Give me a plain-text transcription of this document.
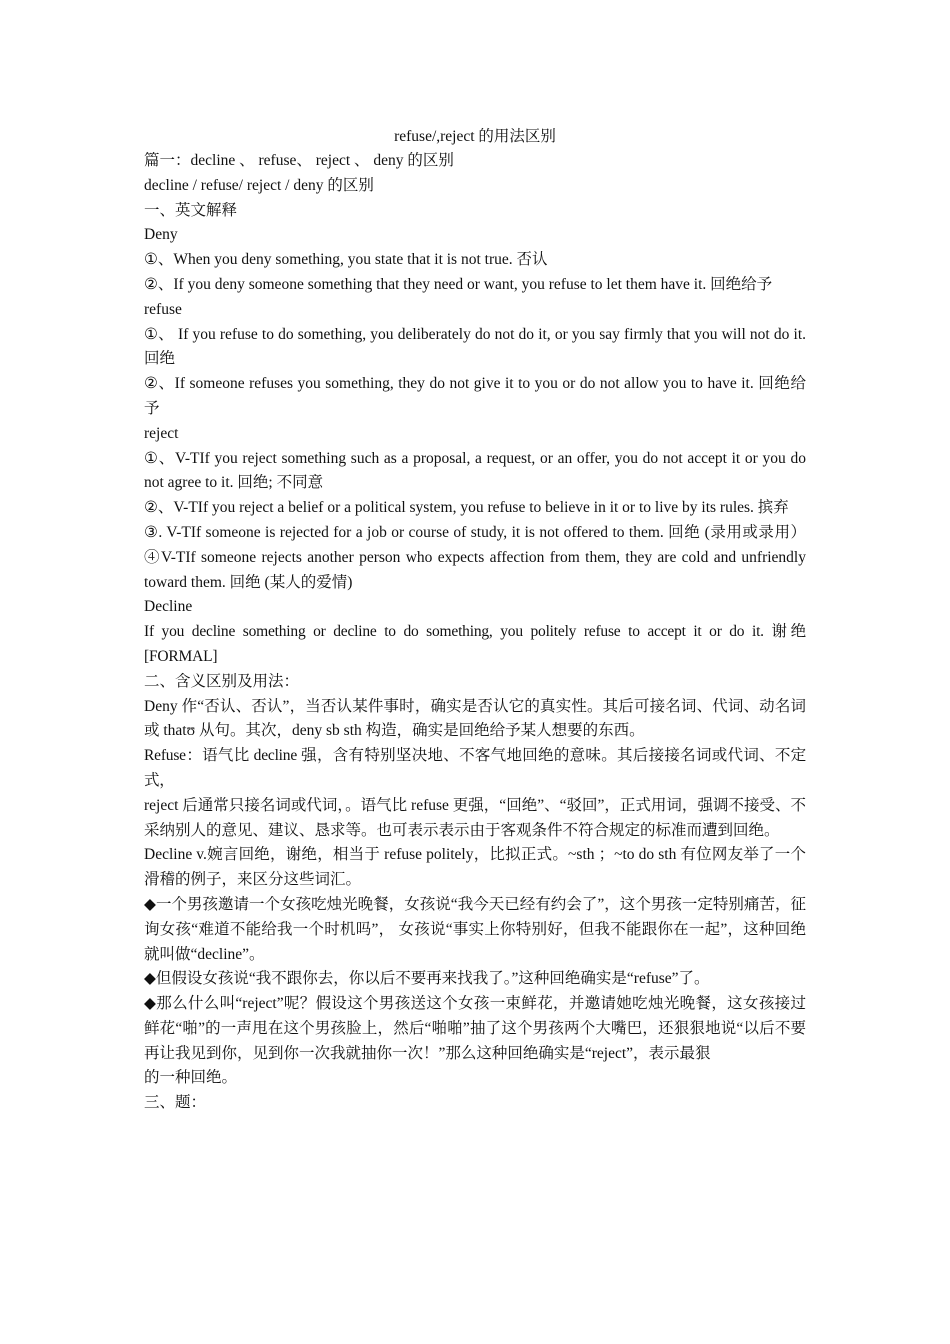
refuse/,reject 的用法区别

篇一：decline 、 refuse、 reject 、 deny 的区别

decline / refuse/ reject / deny 的区别

一、英文解释

Deny

①、When you deny something, you state that it is not true. 否认

②、If you deny someone something that they need or want, you refuse to let them have it. 回绝给予

refuse

①、 If you refuse to do something, you deliberately do not do it, or you say firmly that you will not do it. 回绝

②、If someone refuses you something, they do not give it to you or do not allow you to have it. 回绝给予

reject

①、V-TIf you reject something such as a proposal, a request, or an offer, you do not accept it or you do not agree to it. 回绝; 不同意

②、V-TIf you reject a belief or a political system, you refuse to believe in it or to live by its rules. 摈弃

③. V-TIf someone is rejected for a job or course of study, it is not offered to them. 回绝 (录用或录用） ④V-TIf someone rejects another person who expects affection from them, they are cold and unfriendly toward them. 回绝 (某人的爱情)

Decline

If you decline something or decline to do something, you politely refuse to accept it or do it. 谢绝 [FORMAL]

二、含义区别及用法：

Deny 作“否认、否认”，当否认某件事时，确实是否认它的真实性。其后可接名词、代词、动名词或 thatʊ 从句。其次，deny sb sth 构造，确实是回绝给予某人想要的东西。

Refuse：语气比 decline 强，含有特别坚决地、不客气地回绝的意味。其后接接名词或代词、不定式，

reject 后通常只接名词或代词，。语气比 refuse 更强，“回绝”、“驳回”，正式用词，强调不接受、不采纳别人的意见、建议、恳求等。也可表示表示由于客观条件不符合规定的标准而遭到回绝。

Decline v.婉言回绝，谢绝，相当于 refuse politely，比拟正式。~sth ；~to do sth 有位网友举了一个滑稽的例子，来区分这些词汇。

◆一个男孩邀请一个女孩吃烛光晚餐，女孩说“我今天已经有约会了”，这个男孩一定特别痛苦，征询女孩“难道不能给我一个时机吗”， 女孩说“事实上你特别好，但我不能跟你在一起”，这种回绝就叫做“decline”。

◆但假设女孩说“我不跟你去，你以后不要再来找我了。”这种回绝确实是“refuse”了。

◆那么什么叫“reject”呢？假设这个男孩送这个女孩一束鲜花，并邀请她吃烛光晚餐，这女孩接过鲜花“啪”的一声甩在这个男孩脸上，然后“啪啪”抽了这个男孩两个大嘴巴，还狠狠地说“以后不要再让我见到你，见到你一次我就抽你一次！”那么这种回绝确实是“reject”，表示最狠

的一种回绝。

三、题：
